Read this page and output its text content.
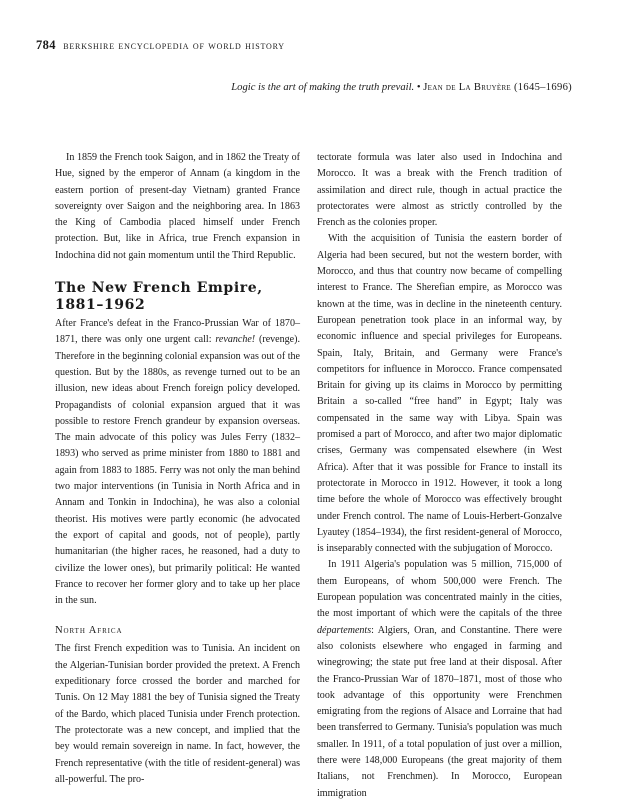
784 berkshire encyclopedia of world history
Logic is the art of making the truth prevail. • Jean de La Bruyère (1645–1696)

In 1859 the French took Saigon, and in 1862 the Treaty of Hue, signed by the emperor of Annam (a kingdom in the eastern portion of present-day Vietnam) granted France sovereignty over Saigon and the neighboring area. In 1863 the King of Cambodia placed himself under French protection. But, like in Africa, true French expansion in Indochina did not gain momentum until the Third Republic.

The New French Empire, 1881–1962

After France's defeat in the Franco-Prussian War of 1870–1871, there was only one urgent call: revanche! (revenge). Therefore in the beginning colonial expansion was out of the question. But by the 1880s, as revenge turned out to be an illusion, new ideas about French foreign policy developed. Propagandists of colonial expansion argued that it was possible to restore French grandeur by expansion overseas. The main advocate of this policy was Jules Ferry (1832–1893) who served as prime minister from 1880 to 1881 and again from 1883 to 1885. Ferry was not only the man behind two major interventions (in Tunisia in North Africa and in Annam and Tonkin in Indochina), he was also a colonial theorist. His motives were partly economic (he advocated the export of capital and goods, not of people), partly humanitarian (the higher races, he reasoned, had a duty to civilize the lower ones), but primarily political: He wanted France to recover her former glory and to take up her place in the sun.

North Africa

The first French expedition was to Tunisia. An incident on the Algerian-Tunisian border provided the pretext. A French expeditionary force crossed the border and marched for Tunis. On 12 May 1881 the bey of Tunisia signed the Treaty of the Bardo, which placed Tunisia under French protection. The protectorate was a new concept, and implied that the bey would remain sovereign in name. In fact, however, the French representative (with the title of resident-general) was all-powerful. The pro-

tectorate formula was later also used in Indochina and Morocco. It was a break with the French tradition of assimilation and direct rule, though in actual practice the protectorates were almost as strictly controlled by the French as the colonies proper.

With the acquisition of Tunisia the eastern border of Algeria had been secured, but not the western border, with Morocco, and thus that country now became of compelling interest to France. The Sherefian empire, as Morocco was known at the time, was in decline in the nineteenth century. European penetration took place in an informal way, by economic influence and special privileges for Europeans. Spain, Italy, Britain, and Germany were France's competitors for influence in Morocco. France compensated Britain for giving up its claims in Morocco by permitting Britain a so-called “free hand” in Egypt; Italy was compensated in the same way with Libya. Spain was promised a part of Morocco, and after two major diplomatic crises, Germany was compensated elsewhere (in West Africa). After that it was possible for France to install its protectorate in Morocco in 1912. However, it took a long time before the whole of Morocco was effectively brought under French control. The name of Louis-Herbert-Gonzalve Lyautey (1854–1934), the first resident-general of Morocco, is inseparably connected with the subjugation of Morocco.

In 1911 Algeria's population was 5 million, 715,000 of them Europeans, of whom 500,000 were French. The European population was concentrated mainly in the cities, the most important of which were the capitals of the three départements: Algiers, Oran, and Constantine. There were also colonists elsewhere who engaged in farming and winegrowing; the state put free land at their disposal. After the Franco-Prussian War of 1870–1871, most of those who took advantage of this opportunity were Frenchmen emigrating from the regions of Alsace and Lorraine that had been transferred to Germany. Tunisia's population was much smaller. In 1911, of a total population of just over a million, there were 148,000 Europeans (the great majority of them Italians, not Frenchmen). In Morocco, European immigration
